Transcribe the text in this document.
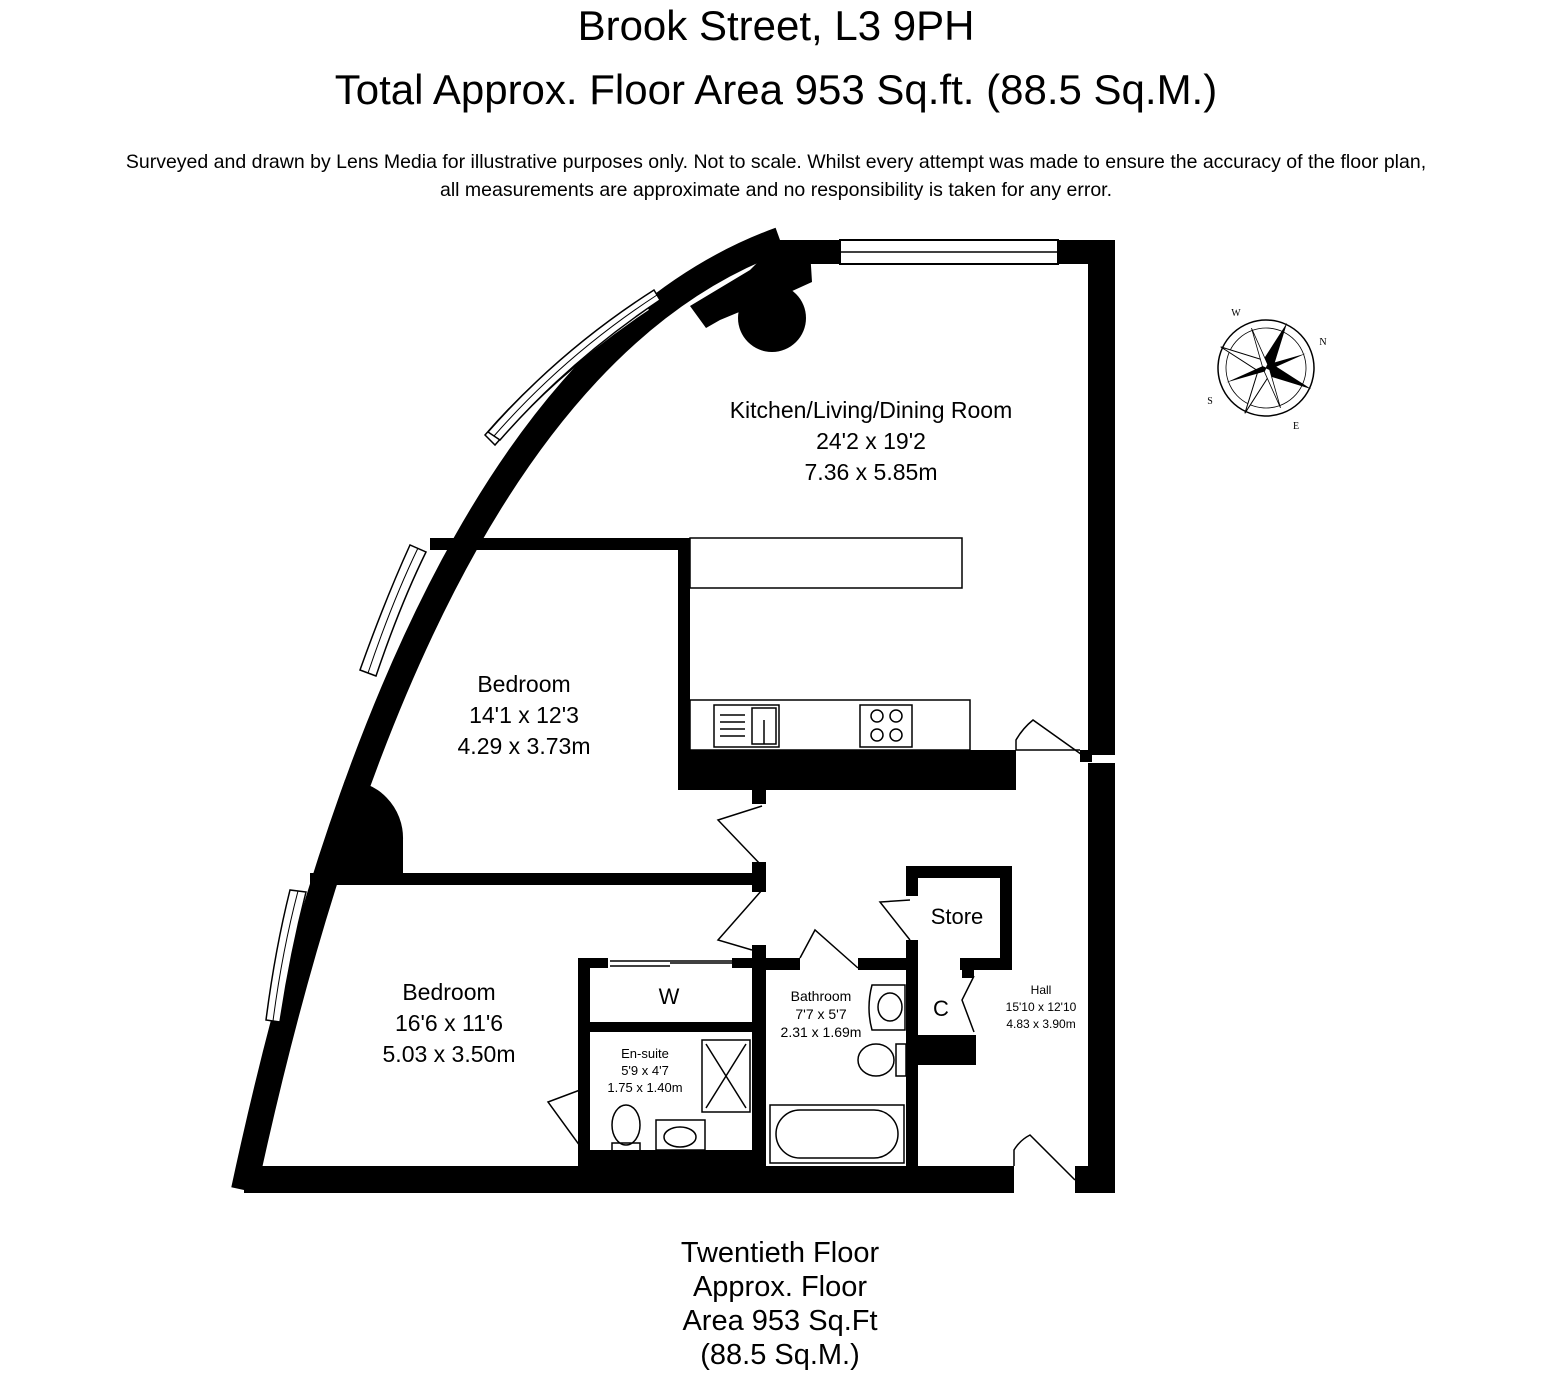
Brook Street, L3 9PH
Total Approx. Floor Area 953 Sq.ft. (88.5 Sq.M.)
Surveyed and drawn by Lens Media for illustrative purposes only. Not to scale. Whilst every attempt was made to ensure the accuracy of the floor plan,
all measurements are approximate and no responsibility is taken for any error.
Kitchen/Living/Dining Room
24'2 x 19'2
7.36 x 5.85m
Bedroom
14'1 x 12'3
4.29 x 3.73m
Bedroom
16'6 x 11'6
5.03 x 3.50m	En-suite
5'9 x 4'7
1.75 x 1.40m
Bathroom
7'7 x 5'7
2.31 x 1.69m
Hall
15'10 x 12'10
4.83 x 3.90m
Store
W	C
N
E
S
W
Twentieth Floor
Approx. Floor
Area 953 Sq.Ft
(88.5 Sq.M.)
